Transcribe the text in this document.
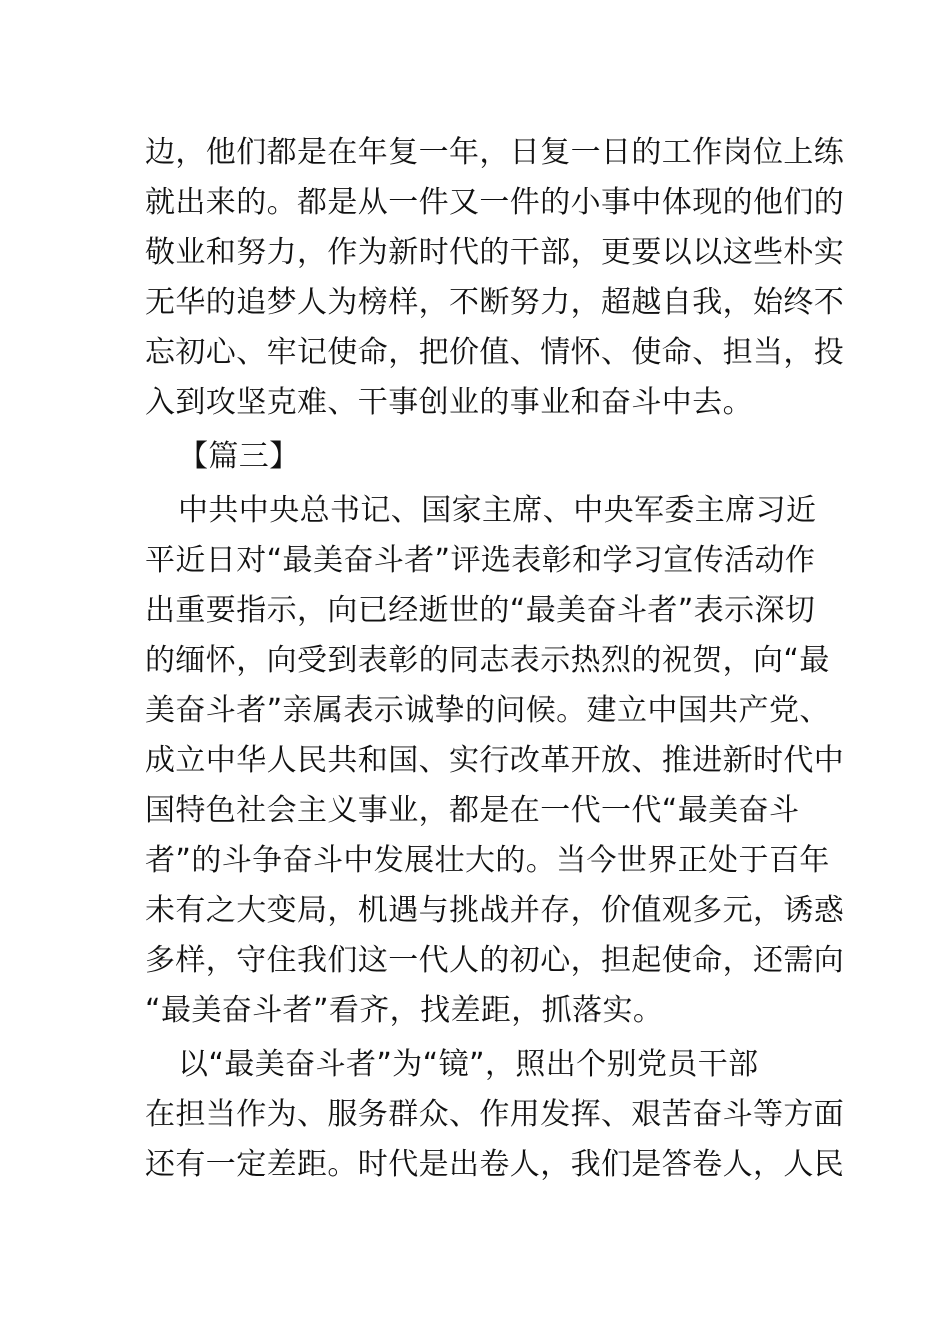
边，他们都是在年复一年，日复一日的工作岗位上练
就出来的。都是从一件又一件的小事中体现的他们的
敬业和努力，作为新时代的干部，更要以以这些朴实
无华的追梦人为榜样，不断努力，超越自我，始终不
忘初心、牢记使命，把价值、情怀、使命、担当，投
入到攻坚克难、干事创业的事业和奋斗中去。
【篇三】
中共中央总书记、国家主席、中央军委主席习近
平近日对“最美奋斗者”评选表彰和学习宣传活动作
出重要指示，向已经逝世的“最美奋斗者”表示深切
的缅怀，向受到表彰的同志表示热烈的祝贺，向“最
美奋斗者”亲属表示诚挚的问候。建立中国共产党、
成立中华人民共和国、实行改革开放、推进新时代中
国特色社会主义事业，都是在一代一代“最美奋斗
者”的斗争奋斗中发展壮大的。当今世界正处于百年
未有之大变局，机遇与挑战并存，价值观多元，诱惑
多样，守住我们这一代人的初心，担起使命，还需向
“最美奋斗者”看齐，找差距，抓落实。
以“最美奋斗者”为“镜”，照出个别党员干部
在担当作为、服务群众、作用发挥、艰苦奋斗等方面
还有一定差距。时代是出卷人，我们是答卷人，人民
